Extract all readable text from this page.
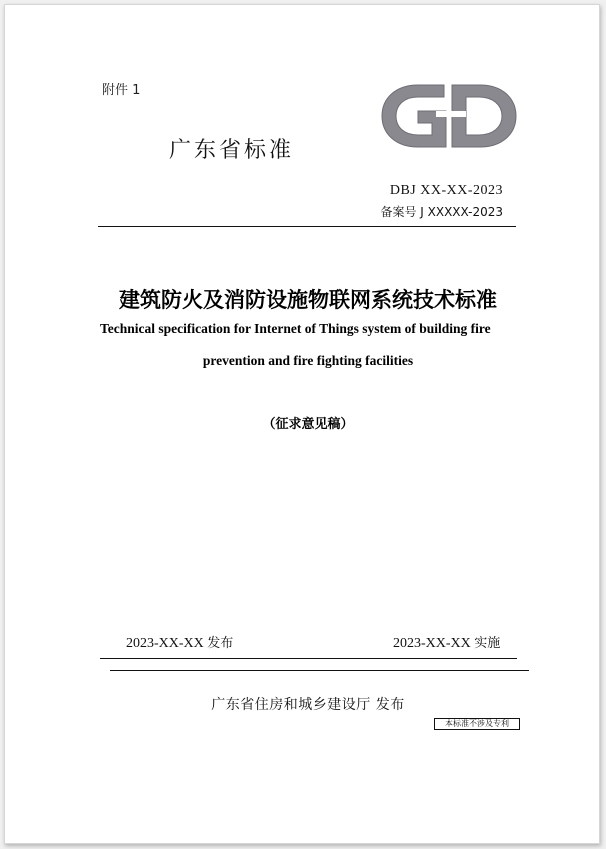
附件 1
广东省标准
DBJ XX-XX-2023
备案号 J XXXXX-2023
建筑防火及消防设施物联网系统技术标准
Technical specification for Internet of Things system of building fire
prevention and fire fighting facilities
（征求意见稿）
2023-XX-XX 发布	2023-XX-XX 实施
广东省住房和城乡建设厅 发布
本标准不涉及专利
